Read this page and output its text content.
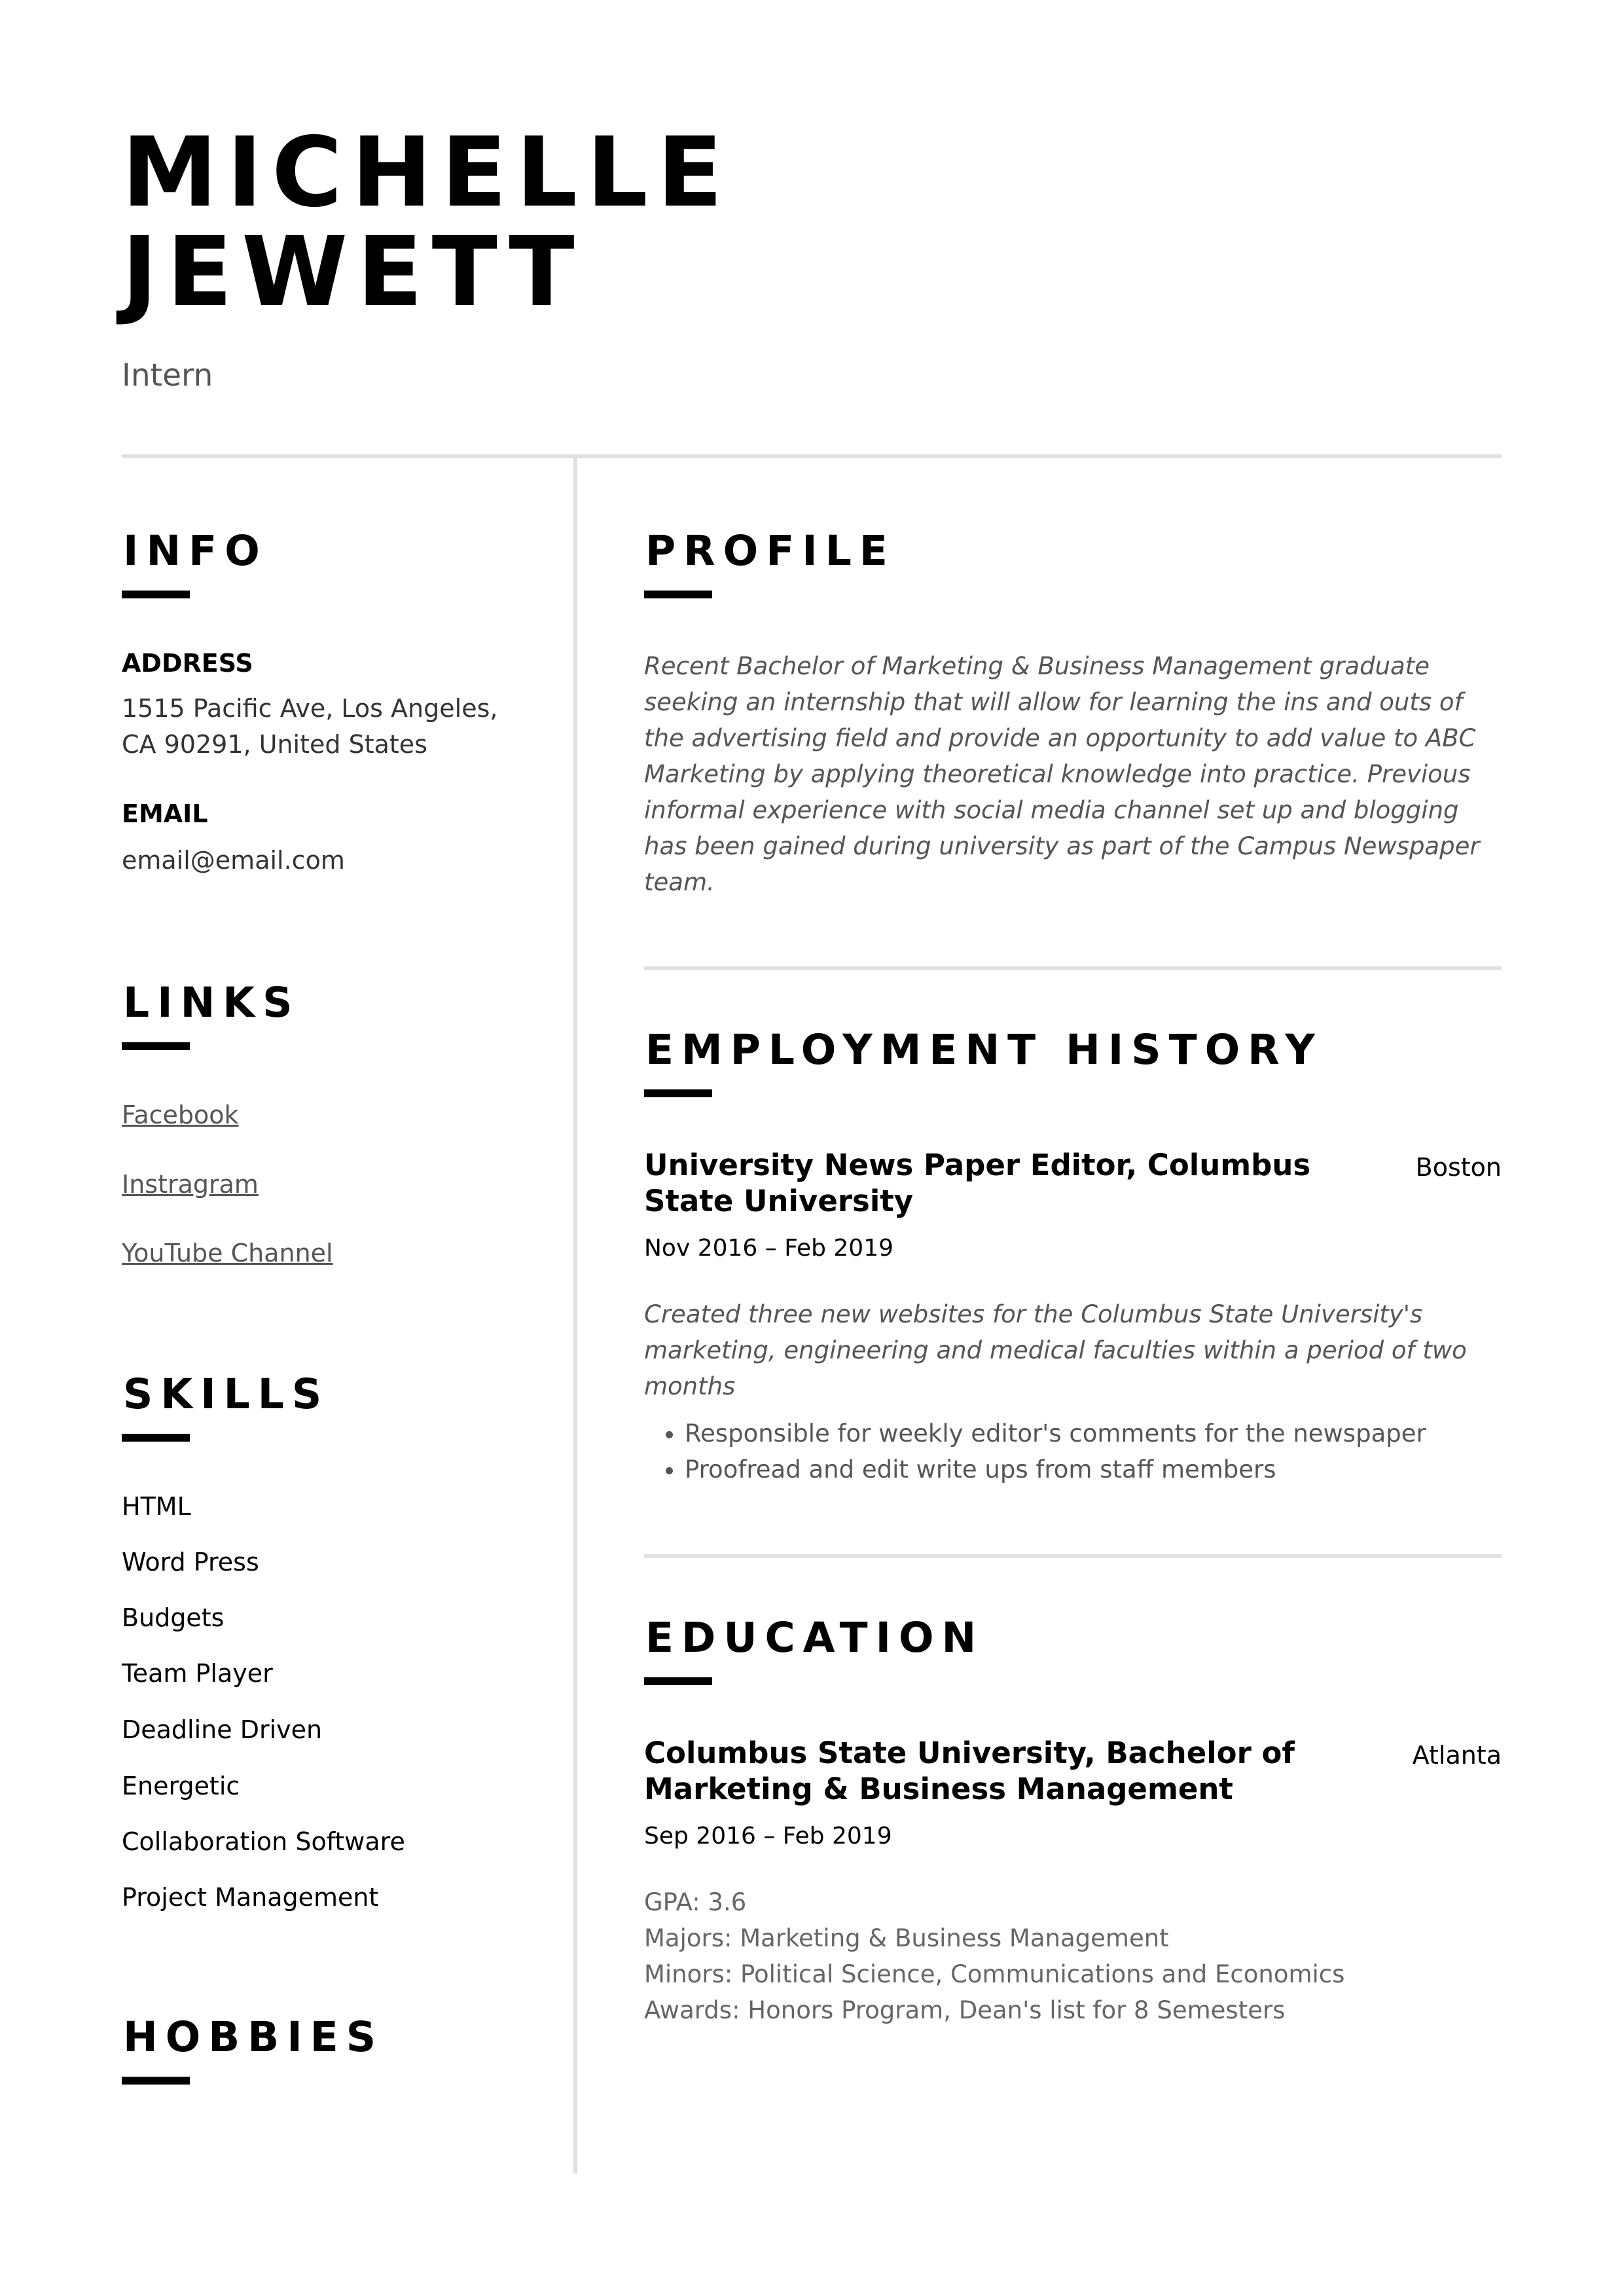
MICHELLE
JEWETT
Intern
INFO
ADDRESS
1515 Pacific Ave, Los Angeles,
CA 90291, United States
EMAIL
email@email.com
LINKS
Facebook
Instragram
YouTube Channel
SKILLS
HTML
Word Press
Budgets
Team Player
Deadline Driven
Energetic
Collaboration Software
Project Management
HOBBIES
PROFILE
Recent Bachelor of Marketing & Business Management graduate seeking an internship that will allow for learning the ins and outs of the advertising field and provide an opportunity to add value to ABC Marketing by applying theoretical knowledge into practice. Previous informal experience with social media channel set up and blogging has been gained during university as part of the Campus Newspaper team.
EMPLOYMENT HISTORY
University News Paper Editor, Columbus State University
Boston
Nov 2016 – Feb 2019
Created three new websites for the Columbus State University's marketing, engineering and medical faculties within a period of two months
• Responsible for weekly editor's comments for the newspaper
• Proofread and edit write ups from staff members
EDUCATION
Columbus State University, Bachelor of Marketing & Business Management
Atlanta
Sep 2016 – Feb 2019
GPA: 3.6
Majors: Marketing & Business Management
Minors: Political Science, Communications and Economics
Awards: Honors Program, Dean's list for 8 Semesters
